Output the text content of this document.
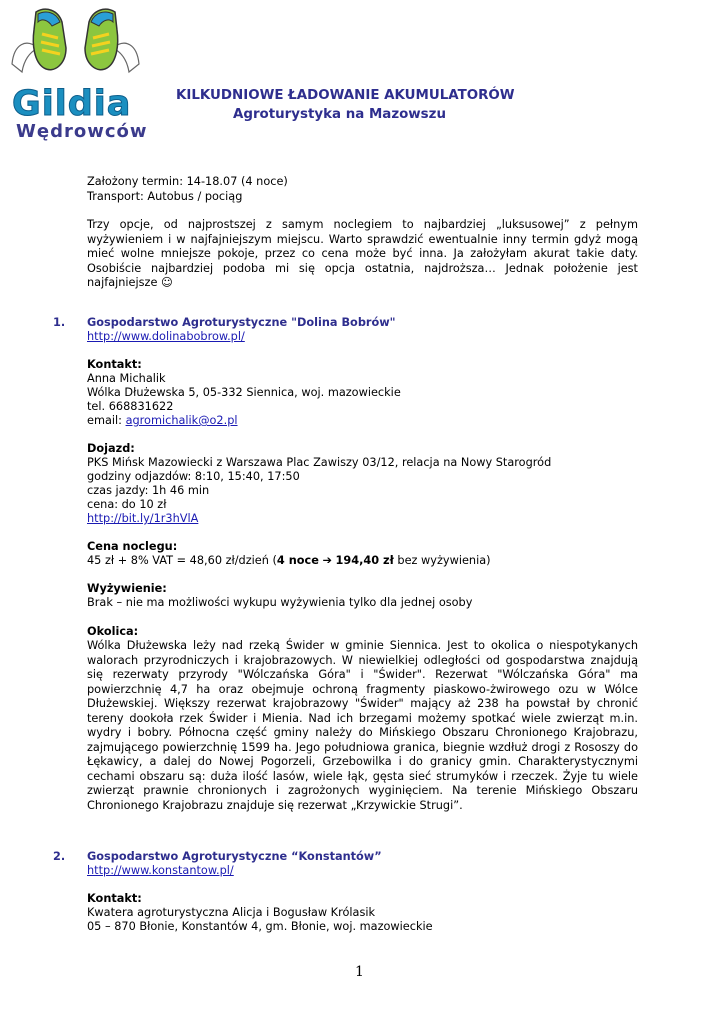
Gildia
Wędrowców
KILKUDNIOWE ŁADOWANIE AKUMULATORÓW
Agroturystyka na Mazowszu
Założony termin: 14-18.07 (4 noce)
Transport: Autobus / pociąg
Trzy opcje, od najprostszej z samym noclegiem to najbardziej „luksusowej” z pełnym wyżywieniem i w najfajniejszym miejscu. Warto sprawdzić ewentualnie inny termin gdyż mogą mieć wolne mniejsze pokoje, przez co cena może być inna. Ja założyłam akurat takie daty. Osobiście najbardziej podoba mi się opcja ostatnia, najdroższa… Jednak położenie jest najfajniejsze ☺
1. Gospodarstwo Agroturystyczne "Dolina Bobrów"
http://www.dolinabobrow.pl/
Kontakt:
Anna Michalik
Wólka Dłużewska 5, 05-332 Siennica, woj. mazowieckie
tel. 668831622
email: agromichalik@o2.pl
Dojazd:
PKS Mińsk Mazowiecki z Warszawa Plac Zawiszy 03/12, relacja na Nowy Starogród
godziny odjazdów: 8:10, 15:40, 17:50
czas jazdy: 1h 46 min
cena: do 10 zł
http://bit.ly/1r3hVlA
Cena noclegu:
45 zł + 8% VAT = 48,60 zł/dzień (4 noce ➔ 194,40 zł bez wyżywienia)
Wyżywienie:
Brak – nie ma możliwości wykupu wyżywienia tylko dla jednej osoby
Okolica:
Wólka Dłużewska leży nad rzeką Świder w gminie Siennica. Jest to okolica o niespotykanych walorach przyrodniczych i krajobrazowych. W niewielkiej odległości od gospodarstwa znajdują się rezerwaty przyrody "Wólczańska Góra" i "Świder". Rezerwat "Wólczańska Góra" ma powierzchnię 4,7 ha oraz obejmuje ochroną fragmenty piaskowo-żwirowego ozu w Wólce Dłużewskiej. Większy rezerwat krajobrazowy "Świder" mający aż 238 ha powstał by chronić tereny dookoła rzek Świder i Mienia. Nad ich brzegami możemy spotkać wiele zwierząt m.in. wydry i bobry. Północna część gminy należy do Mińskiego Obszaru Chronionego Krajobrazu, zajmującego powierzchnię 1599 ha. Jego południowa granica, biegnie wzdłuż drogi z Rososzy do Łękawicy, a dalej do Nowej Pogorzeli, Grzebowilka i do granicy gmin. Charakterystycznymi cechami obszaru są: duża ilość lasów, wiele łąk, gęsta sieć strumyków i rzeczek. Żyje tu wiele zwierząt prawnie chronionych i zagrożonych wyginięciem. Na terenie Mińskiego Obszaru Chronionego Krajobrazu znajduje się rezerwat „Krzywickie Strugi”.
2. Gospodarstwo Agroturystyczne “Konstantów”
http://www.konstantow.pl/
Kontakt:
Kwatera agroturystyczna Alicja i Bogusław Królasik
05 – 870 Błonie, Konstantów 4, gm. Błonie, woj. mazowieckie
1
